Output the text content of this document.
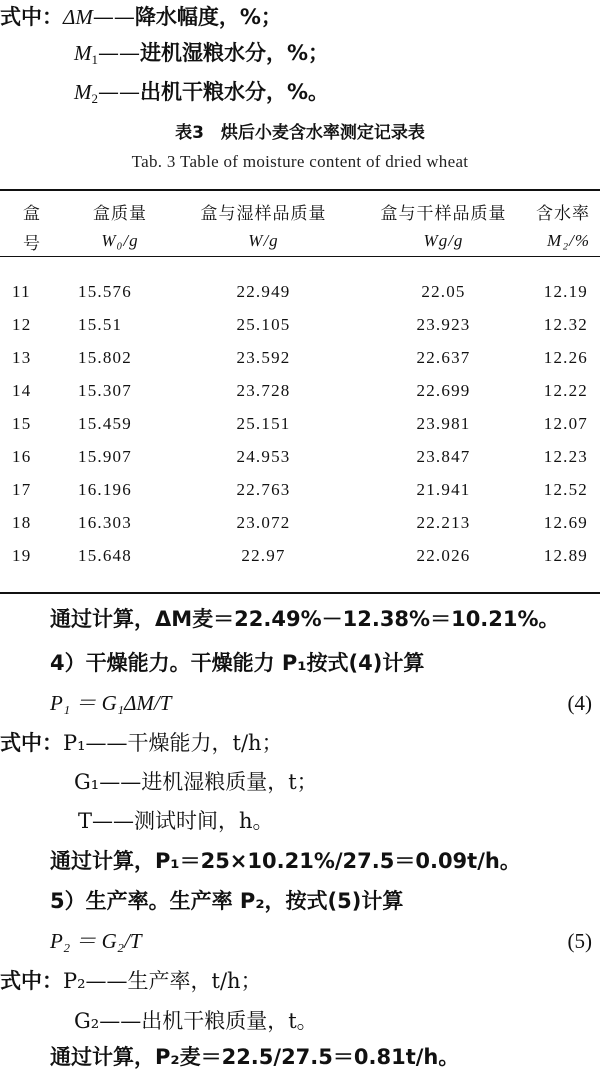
式中：ΔM——降水幅度，%；
$M_1——$进机湿粮水分，%；
$M_2——$出机干粮水分，%。
表3　烘后小麦含水率测定记录表
Tab. 3 Table of moisture content of dried wheat
盒	盒质量	盒与湿样品质量	盒与干样品质量	含水率
号	W₀/g	W/g	Wg/g	M₂/%

11	15.576	22.949	22.05	12.19
12	15.51	25.105	23.923	12.32
13	15.802	23.592	22.637	12.26
14	15.307	23.728	22.699	12.22
15	15.459	25.151	23.981	12.07
16	15.907	24.953	23.847	12.23
17	16.196	22.763	21.941	12.52
18	16.303	23.072	22.213	12.69
19	15.648	22.97	22.026	12.89
通过计算，ΔM麦＝22.49%－12.38%＝10.21%。
4）干燥能力。干燥能力 P₁按式(4)计算
P₁ ＝ G₁ΔM/T	(4)
式中：P₁——干燥能力，t/h；
G₁——进机湿粮质量，t；
T——测试时间，h。
通过计算，P₁＝25×10.21%/27.5＝0.09t/h。
5）生产率。生产率 P₂，按式(5)计算
P₂ ＝ G₂/T	(5)
式中：P₂——生产率，t/h；
G₂——出机干粮质量，t。
通过计算，P₂麦＝22.5/27.5＝0.81t/h。
